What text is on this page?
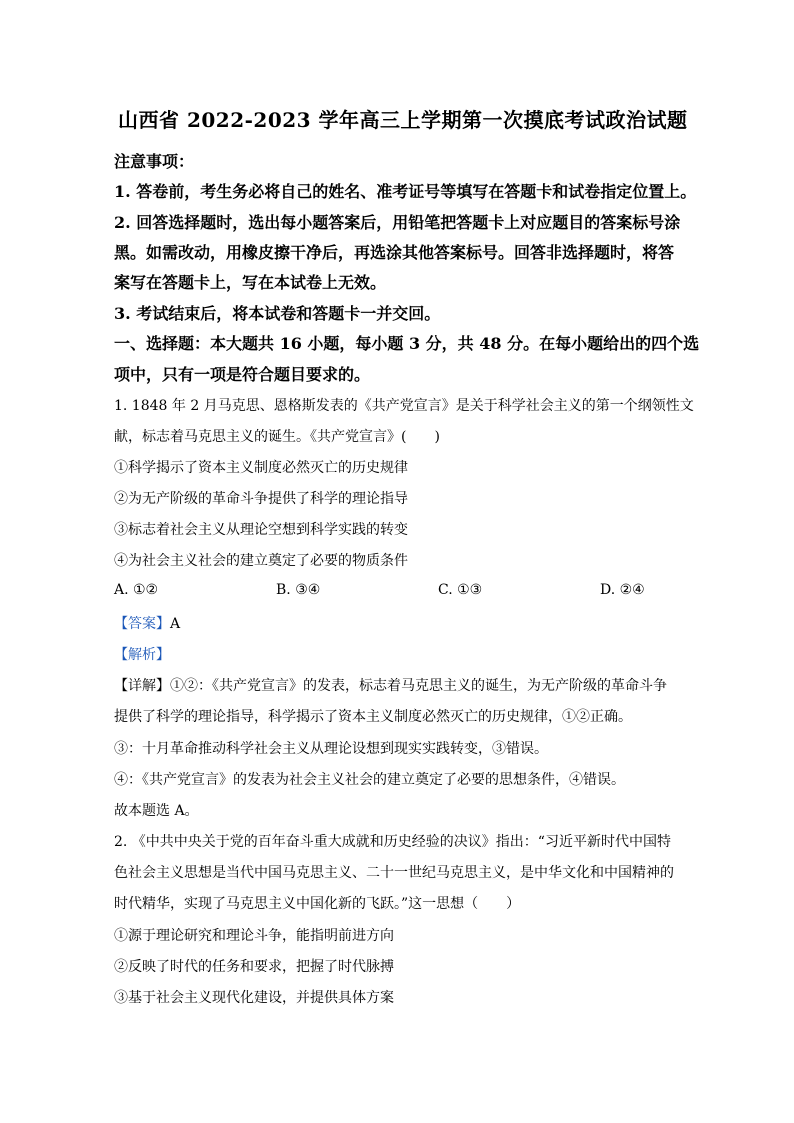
山西省 2022-2023 学年高三上学期第一次摸底考试政治试题
注意事项：
1. 答卷前，考生务必将自己的姓名、准考证号等填写在答题卡和试卷指定位置上。
2. 回答选择题时，选出每小题答案后，用铅笔把答题卡上对应题目的答案标号涂
黑。如需改动，用橡皮擦干净后，再选涂其他答案标号。回答非选择题时，将答
案写在答题卡上，写在本试卷上无效。
3. 考试结束后，将本试卷和答题卡一并交回。
一、选择题：本大题共 16 小题，每小题 3 分，共 48 分。在每小题给出的四个选
项中，只有一项是符合题目要求的。
1. 1848 年 2 月马克思、恩格斯发表的《共产党宣言》是关于科学社会主义的第一个纲领性文
献，标志着马克思主义的诞生。《共产党宣言》(　　)
①科学揭示了资本主义制度必然灭亡的历史规律
②为无产阶级的革命斗争提供了科学的理论指导
③标志着社会主义从理论空想到科学实践的转变
④为社会主义社会的建立奠定了必要的物质条件
A. ①②	B. ③④	C. ①③	D. ②④
【答案】A
【解析】
【详解】①②：《共产党宣言》的发表，标志着马克思主义的诞生，为无产阶级的革命斗争
提供了科学的理论指导，科学揭示了资本主义制度必然灭亡的历史规律，①②正确。
③：十月革命推动科学社会主义从理论设想到现实实践转变，③错误。
④：《共产党宣言》的发表为社会主义社会的建立奠定了必要的思想条件，④错误。
故本题选 A。
2. 《中共中央关于党的百年奋斗重大成就和历史经验的决议》指出：“习近平新时代中国特
色社会主义思想是当代中国马克思主义、二十一世纪马克思主义，是中华文化和中国精神的
时代精华，实现了马克思主义中国化新的飞跃。”这一思想（　　）
①源于理论研究和理论斗争，能指明前进方向
②反映了时代的任务和要求，把握了时代脉搏
③基于社会主义现代化建设，并提供具体方案
